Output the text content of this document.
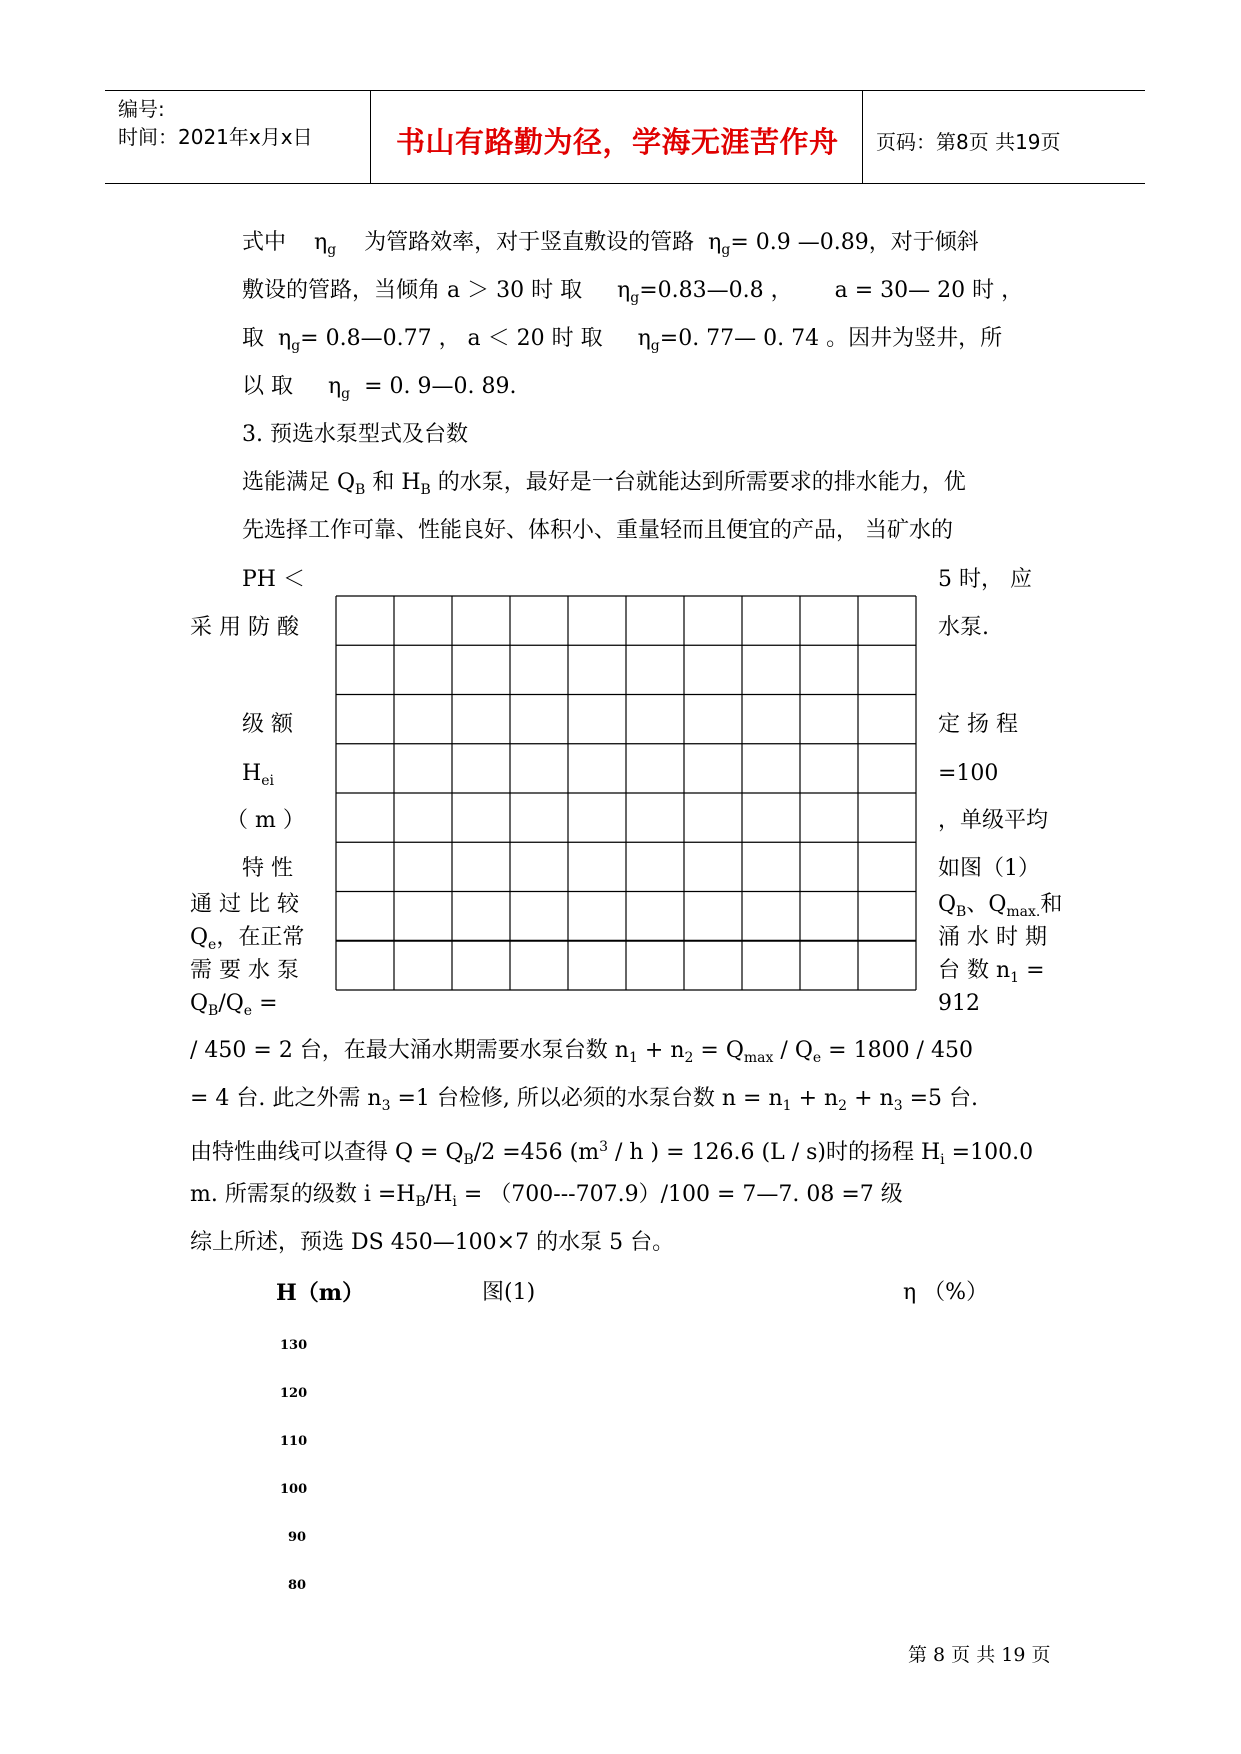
编号:
时间：2021年x月x日	书山有路勤为径，学海无涯苦作舟 页码：第8页 共19页
式中 $\eta_g$ 为管路效率，对于竖直敷设的管路 $\eta_g= 0.9$ —0.89，对于倾斜
敷设的管路，当倾角 a ＞ 30 时 取 $\eta_g=0.83—0.8$ ， a = 30— 20 时 ，
取 $\eta_g=$ 0.8—0.77 ， a ＜ 20 时 取 $\eta_g=0$. 77— 0. 74 。因井为竖井，所
以 取 $\eta_g = 0$. 9—0. 89.
3. 预选水泵型式及台数
选能满足 $Q_B$ 和 $H_B$ 的水泵，最好是一台就能达到所需要求的排水能力，优
先选择工作可靠、性能良好、体积小、重量轻而且便宜的产品， 当矿水的
PH ＜	5 时， 应
采 用 防 酸	水泵.
级 额	定 扬 程
$H_{ei}$	=100
（ m ）	，单级平均
特 性	如图（1）
通 过 比 较	$Q_B$、$Q_{max.}$和
$Q_e$，在正常	涌 水 时 期
需 要 水 泵	台 数 $n_1$ =
$Q_B/Q_e$ =	912
/ 450 = 2 台，在最大涌水期需要水泵台数 $n_1 + n_2 = Q_{max} / Q_e = 1800 / 450$
= 4 台. 此之外需 $n_3 =1$ 台检修, 所以必须的水泵台数 $n = n_1 + n_2 + n_3 =5$ 台.
由特性曲线可以查得 $Q = Q_B/2 =456$ ($m^3$ / h ) = 126.6 (L / s)时的扬程 $H_i =100.0$
m. 所需泵的级数 $i =H_B/H_i = (700---707.9)/100$ = 7—7. 08 =7 级
综上所述，预选 DS 450—100×7 的水泵 5 台。
H（m）	图(1)	η （%）
130
120
110
100
90
80
第 8 页 共 19 页
